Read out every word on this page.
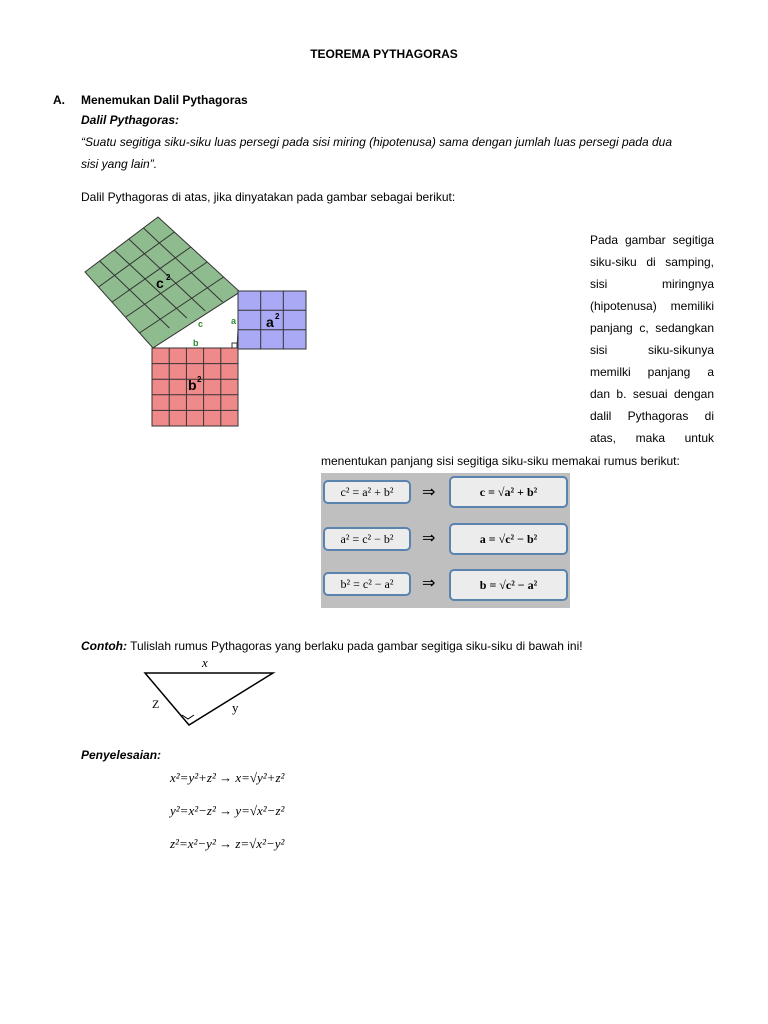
TEOREMA PYTHAGORAS
A. Menemukan Dalil Pythagoras
Dalil Pythagoras:
“Suatu segitiga siku-siku luas persegi pada sisi miring (hipotenusa) sama dengan jumlah luas persegi pada dua
sisi yang lain”.
Dalil Pythagoras di atas, jika dinyatakan pada gambar sebagai berikut:
c 2
a 2
b 2
c	a
b

Pada gambar segitiga

siku-siku di samping,

sisi miringnya

(hipotenusa) memiliki

panjang c, sedangkan

sisi siku-sikunya

memilki panjang a

dan b. sesuai dengan

dalil Pythagoras di

atas, maka untuk

menentukan panjang sisi segitiga siku-siku memakai rumus berikut:
c² = a² + b²	⇒	c = √a² + b²
a² = c² − b²	⇒	a = √c² − b²
b² = c² − a²	⇒	b = √c² − a²
Contoh: Tulislah rumus Pythagoras yang berlaku pada gambar segitiga siku-siku di bawah ini!
x
Z	y
Penyelesaian:
x²=y²+z² → x=√y²+z²
y²=x²−z² → y=√x²−z²
z²=x²−y² → z=√x²−y²
